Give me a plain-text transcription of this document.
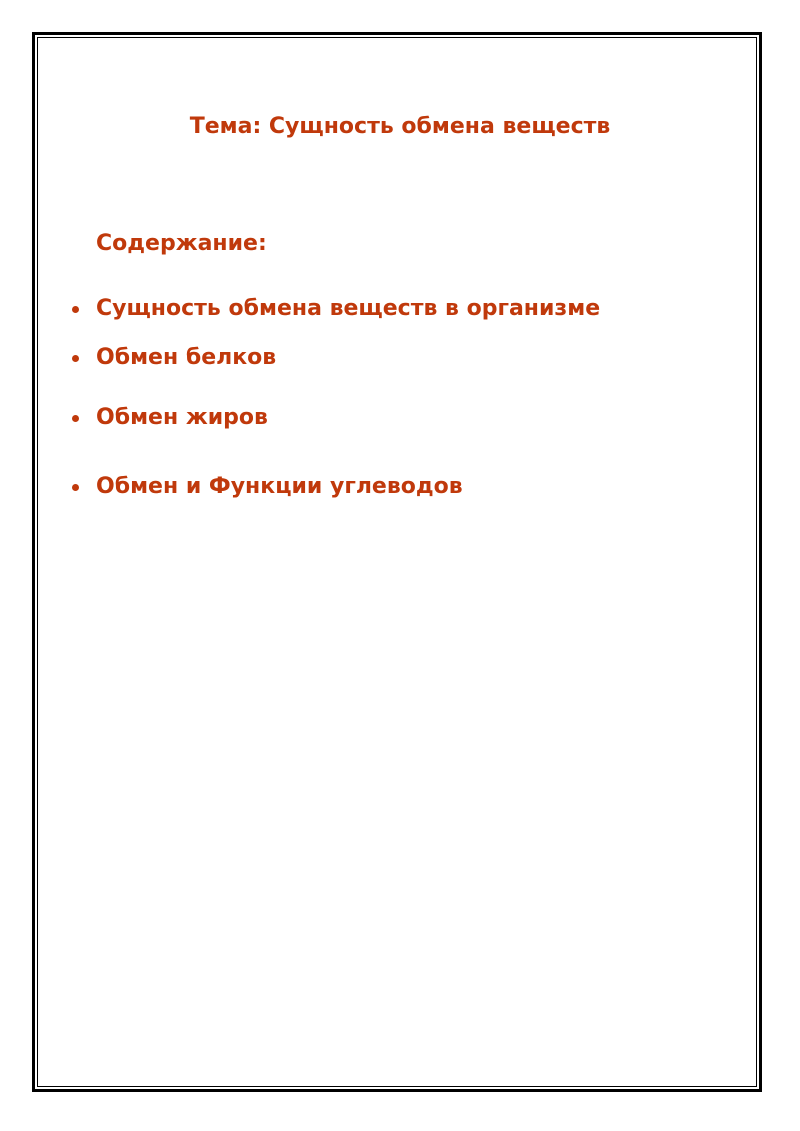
Тема: Сущность обмена веществ
Содержание:
Сущность обмена веществ в организме
Обмен белков
Обмен жиров
Обмен и Функции углеводов
